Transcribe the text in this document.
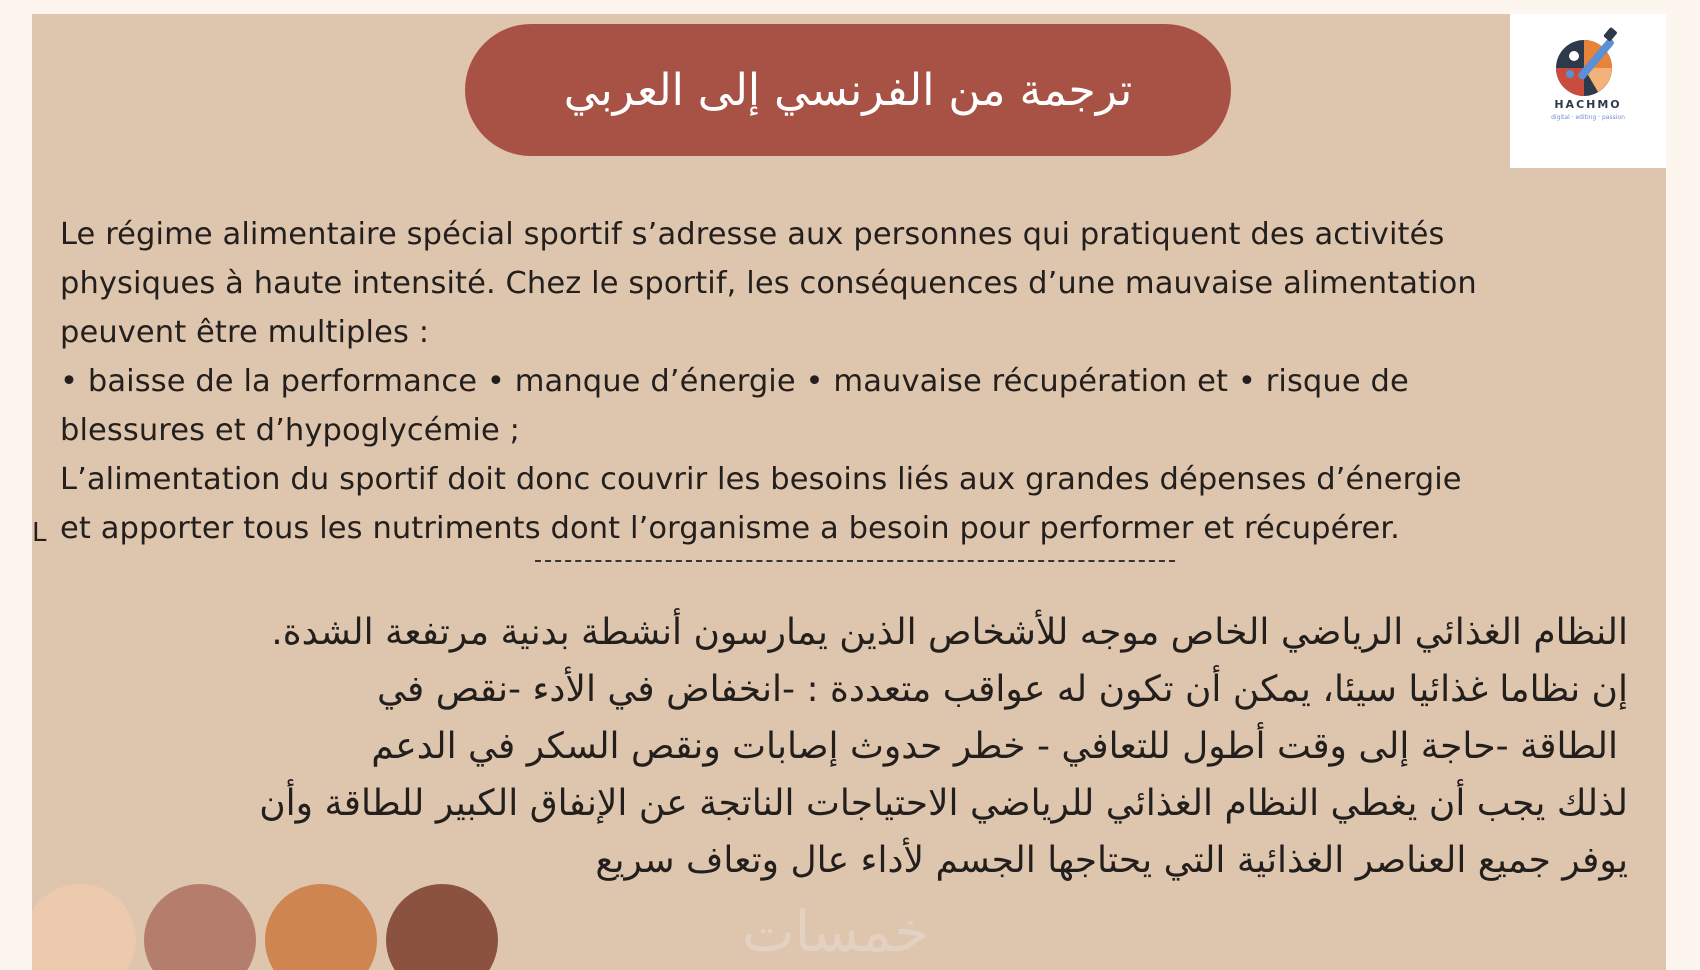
ترجمة من الفرنسي إلى العربي	HACHMO
digital · editing · passion
Le régime alimentaire spécial sportif s’adresse aux personnes qui pratiquent des activités
physiques à haute intensité. Chez le sportif, les conséquences d’une mauvaise alimentation
peuvent être multiples :
• baisse de la performance • manque d’énergie • mauvaise récupération et • risque de
blessures et d’hypoglycémie ;
L’alimentation du sportif doit donc couvrir les besoins liés aux grandes dépenses d’énergie
et apporter tous les nutriments dont l’organisme a besoin pour performer et récupérer.
L
النظام الغذائي الرياضي الخاص موجه للأشخاص الذين يمارسون أنشطة بدنية مرتفعة الشدة.
إن نظاما غذائيا سيئا، يمكن أن تكون له عواقب متعددة : -انخفاض في الأدء -نقص في
الطاقة -حاجة إلى وقت أطول للتعافي - خطر حدوث إصابات ونقص السكر في الدعم
لذلك يجب أن يغطي النظام الغذائي للرياضي الاحتياجات الناتجة عن الإنفاق الكبير للطاقة وأن
يوفر جميع العناصر الغذائية التي يحتاجها الجسم لأداء عال وتعاف سريع
خمسات
